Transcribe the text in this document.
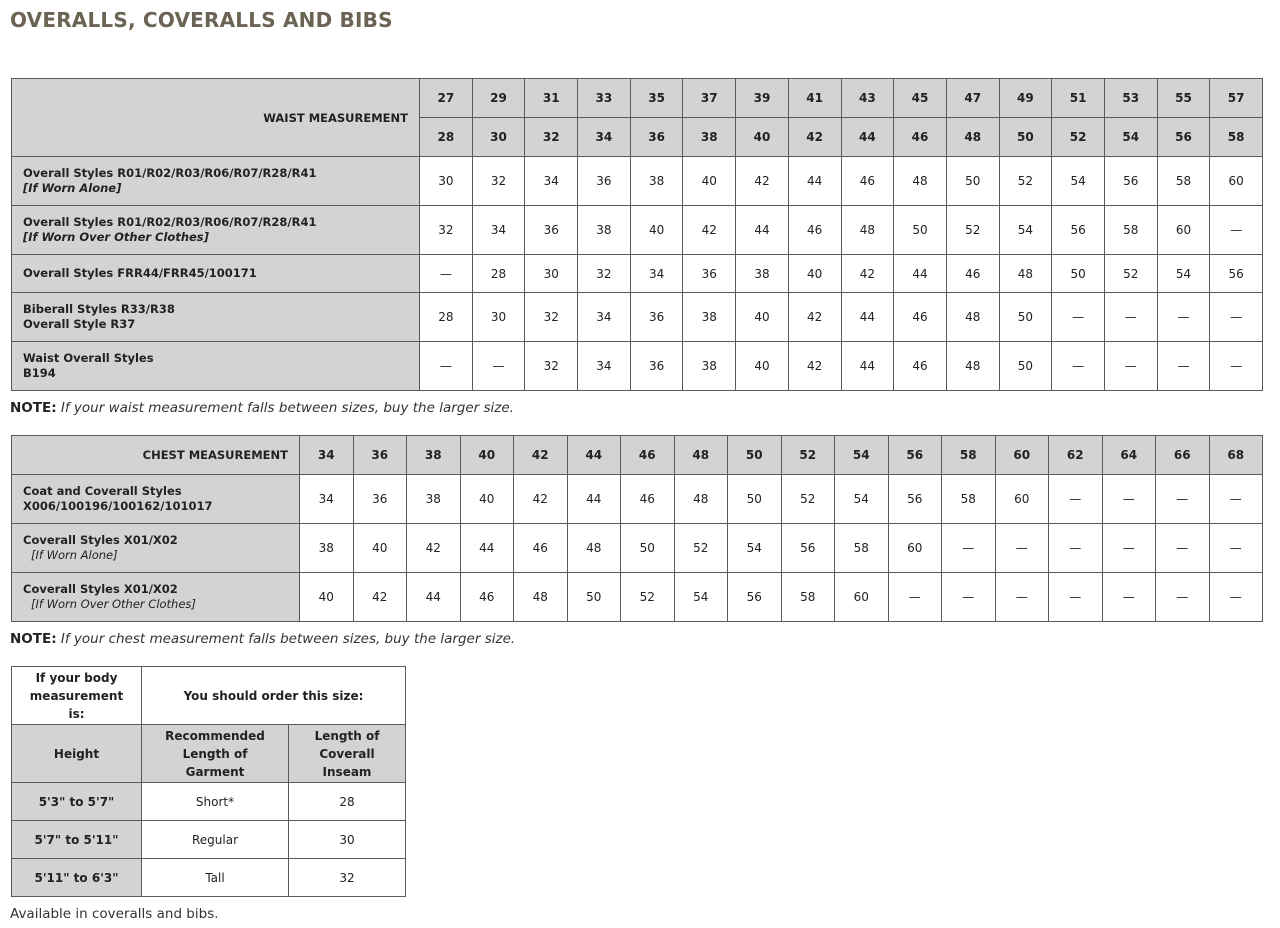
OVERALLS, COVERALLS AND BIBS
WAIST MEASUREMENT	27	29	31	33	35	37	39	41	43	45	47	49	51	53	55	57
	28	30	32	34	36	38	40	42	44	46	48	50	52	54	56	58

Overall Styles R01/R02/R03/R06/R07/R28/R41
[If Worn Alone]	30	32	34	36	38	40	42	44	46	48	50	52	54	56	58	60

Overall Styles R01/R02/R03/R06/R07/R28/R41
[If Worn Over Other Clothes]	32	34	36	38	40	42	44	46	48	50	52	54	56	58	60	—

Overall Styles FRR44/FRR45/100171	—	28	30	32	34	36	38	40	42	44	46	48	50	52	54	56

Biberall Styles R33/R38
Overall Style R37	28	30	32	34	36	38	40	42	44	46	48	50	—	—	—	—

Waist Overall Styles
B194	—	—	32	34	36	38	40	42	44	46	48	50	—	—	—	—
NOTE: If your waist measurement falls between sizes, buy the larger size.
CHEST MEASUREMENT	34	36	38	40	42	44	46	48	50	52	54	56	58	60	62	64	66	68

Coat and Coverall Styles
X006/100196/100162/101017	34	36	38	40	42	44	46	48	50	52	54	56	58	60	—	—	—	—

Coverall Styles X01/X02
[If Worn Alone]	38	40	42	44	46	48	50	52	54	56	58	60	—	—	—	—	—	—

Coverall Styles X01/X02
[If Worn Over Other Clothes]	40	42	44	46	48	50	52	54	56	58	60	—	—	—	—	—	—	—
NOTE: If your chest measurement falls between sizes, buy the larger size.
If your body measurement is:	You should order this size:	
Height	Recommended Length of Garment	Length of Coverall Inseam
5'3" to 5'7"	Short*	28
5'7" to 5'11"	Regular	30
5'11" to 6'3"	Tall	32
Available in coveralls and bibs.
